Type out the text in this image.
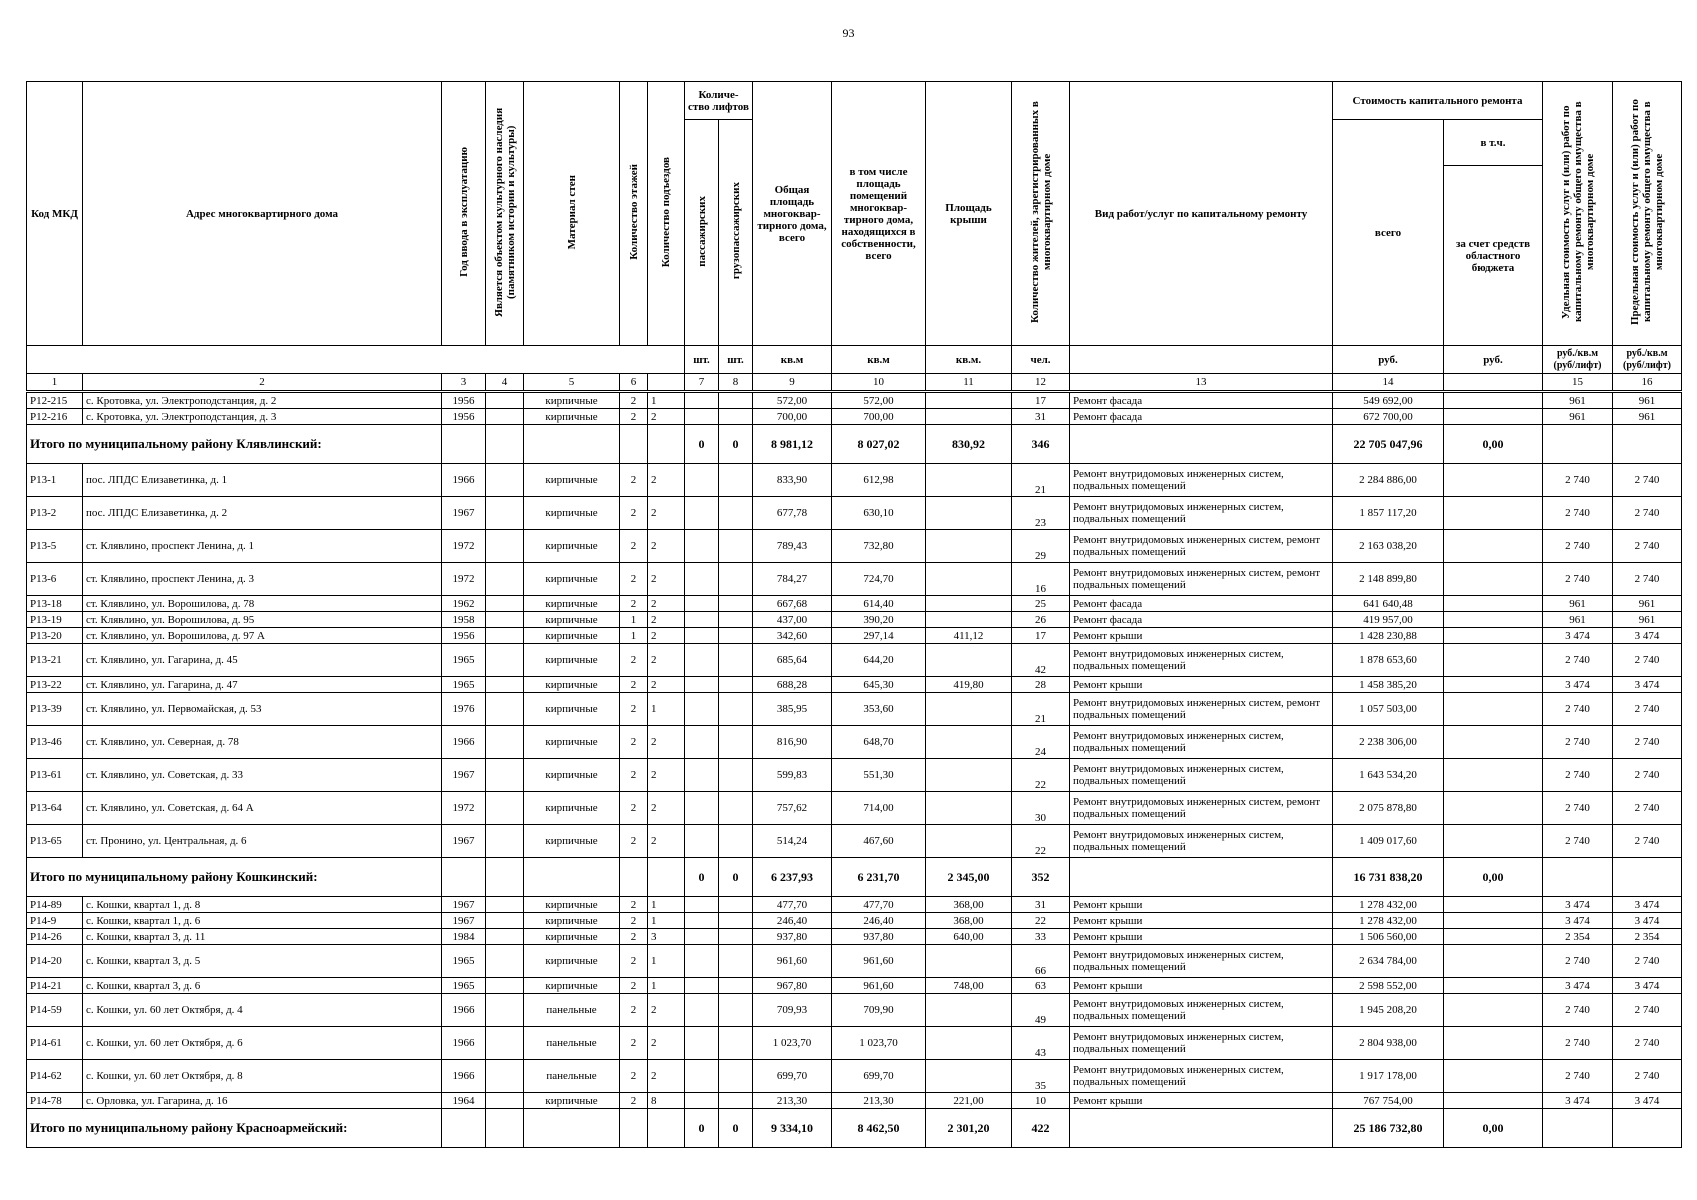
93
Код МКД	Адрес многоквартирного дома	Год ввода в эксплуатацию	Является объектом культурного наследия (памятником истории и культуры)	Материал стен	Количество этажей	Количество подъездов	Количе-ство лифтов		Общая площадь многоквар-тирного дома, всего	в том числе площадь помещений многоквар-тирного дома, находящихся в собственности, всего	Площадь крыши	Количество жителей, зарегистрированных в многоквартирном доме	Вид работ/услуг по капитальному ремонту	Стоимость капитального ремонта		Удельная стоимость услуг и (или) работ по капитальному ремонту общего имущества в многоквартирном доме	Предельная стоимость услуг и (или) работ по капитальному ремонту общего имущества в многоквартирном доме
							пассажирских	грузопассажирских						всего	в т.ч.		
															за счет средств областного бюджета		
							шт.	шт.	кв.м	кв.м	кв.м.	чел.		руб.	руб.	руб./кв.м (руб/лифт)	руб./кв.м (руб/лифт)
1	2	3	4	5	6		7	8	9	10	11	12	13	14		15	16
Р12-215	с. Кротовка, ул. Электроподстанция, д. 2	1956		кирпичные	2	1			572,00	572,00		17	Ремонт фасада	549 692,00		961	961
Р12-216	с. Кротовка, ул. Электроподстанция, д. 3	1956		кирпичные	2	2			700,00	700,00		31	Ремонт фасада	672 700,00		961	961
Итого по муниципальному району Клявлинский:							0	0	8 981,12	8 027,02	830,92	346		22 705 047,96	0,00		
Р13-1	пос. ЛПДС Елизаветинка, д. 1	1966		кирпичные	2	2			833,90	612,98		21	Ремонт внутридомовых инженерных систем, подвальных помещений	2 284 886,00		2 740	2 740
Р13-2	пос. ЛПДС Елизаветинка, д. 2	1967		кирпичные	2	2			677,78	630,10		23	Ремонт внутридомовых инженерных систем, подвальных помещений	1 857 117,20		2 740	2 740
Р13-5	ст. Клявлино, проспект Ленина, д. 1	1972		кирпичные	2	2			789,43	732,80		29	Ремонт внутридомовых инженерных систем, ремонт подвальных помещений	2 163 038,20		2 740	2 740
Р13-6	ст. Клявлино, проспект Ленина, д. 3	1972		кирпичные	2	2			784,27	724,70		16	Ремонт внутридомовых инженерных систем, ремонт подвальных помещений	2 148 899,80		2 740	2 740
Р13-18	ст. Клявлино, ул. Ворошилова, д. 78	1962		кирпичные	2	2			667,68	614,40		25	Ремонт фасада	641 640,48		961	961
Р13-19	ст. Клявлино, ул. Ворошилова, д. 95	1958		кирпичные	1	2			437,00	390,20		26	Ремонт фасада	419 957,00		961	961
Р13-20	ст. Клявлино, ул. Ворошилова, д. 97 А	1956		кирпичные	1	2			342,60	297,14	411,12	17	Ремонт крыши	1 428 230,88		3 474	3 474
Р13-21	ст. Клявлино, ул. Гагарина, д. 45	1965		кирпичные	2	2			685,64	644,20		42	Ремонт внутридомовых инженерных систем, подвальных помещений	1 878 653,60		2 740	2 740
Р13-22	ст. Клявлино, ул. Гагарина, д. 47	1965		кирпичные	2	2			688,28	645,30	419,80	28	Ремонт крыши	1 458 385,20		3 474	3 474
Р13-39	ст. Клявлино, ул. Первомайская, д. 53	1976		кирпичные	2	1			385,95	353,60		21	Ремонт внутридомовых инженерных систем, ремонт подвальных помещений	1 057 503,00		2 740	2 740
Р13-46	ст. Клявлино, ул. Северная, д. 78	1966		кирпичные	2	2			816,90	648,70		24	Ремонт внутридомовых инженерных систем, подвальных помещений	2 238 306,00		2 740	2 740
Р13-61	ст. Клявлино, ул. Советская, д. 33	1967		кирпичные	2	2			599,83	551,30		22	Ремонт внутридомовых инженерных систем, подвальных помещений	1 643 534,20		2 740	2 740
Р13-64	ст. Клявлино, ул. Советская, д. 64 А	1972		кирпичные	2	2			757,62	714,00		30	Ремонт внутридомовых инженерных систем, ремонт подвальных помещений	2 075 878,80		2 740	2 740
Р13-65	ст. Пронино, ул. Центральная, д. 6	1967		кирпичные	2	2			514,24	467,60		22	Ремонт внутридомовых инженерных систем, подвальных помещений	1 409 017,60		2 740	2 740
Итого по муниципальному району Кошкинский:							0	0	6 237,93	6 231,70	2 345,00	352		16 731 838,20	0,00		
Р14-89	с. Кошки, квартал 1, д. 8	1967		кирпичные	2	1			477,70	477,70	368,00	31	Ремонт крыши	1 278 432,00		3 474	3 474
Р14-9	с. Кошки, квартал 1, д. 6	1967		кирпичные	2	1			246,40	246,40	368,00	22	Ремонт крыши	1 278 432,00		3 474	3 474
Р14-26	с. Кошки, квартал 3, д. 11	1984		кирпичные	2	3			937,80	937,80	640,00	33	Ремонт крыши	1 506 560,00		2 354	2 354
Р14-20	с. Кошки, квартал 3, д. 5	1965		кирпичные	2	1			961,60	961,60		66	Ремонт внутридомовых инженерных систем, подвальных помещений	2 634 784,00		2 740	2 740
Р14-21	с. Кошки, квартал 3, д. 6	1965		кирпичные	2	1			967,80	961,60	748,00	63	Ремонт крыши	2 598 552,00		3 474	3 474
Р14-59	с. Кошки, ул. 60 лет Октября, д. 4	1966		панельные	2	2			709,93	709,90		49	Ремонт внутридомовых инженерных систем, подвальных помещений	1 945 208,20		2 740	2 740
Р14-61	с. Кошки, ул. 60 лет Октября, д. 6	1966		панельные	2	2			1 023,70	1 023,70		43	Ремонт внутридомовых инженерных систем, подвальных помещений	2 804 938,00		2 740	2 740
Р14-62	с. Кошки, ул. 60 лет Октября, д. 8	1966		панельные	2	2			699,70	699,70		35	Ремонт внутридомовых инженерных систем, подвальных помещений	1 917 178,00		2 740	2 740
Р14-78	с. Орловка, ул. Гагарина, д. 16	1964		кирпичные	2	8			213,30	213,30	221,00	10	Ремонт крыши	767 754,00		3 474	3 474
Итого по муниципальному району Красноармейский:							0	0	9 334,10	8 462,50	2 301,20	422		25 186 732,80	0,00		
